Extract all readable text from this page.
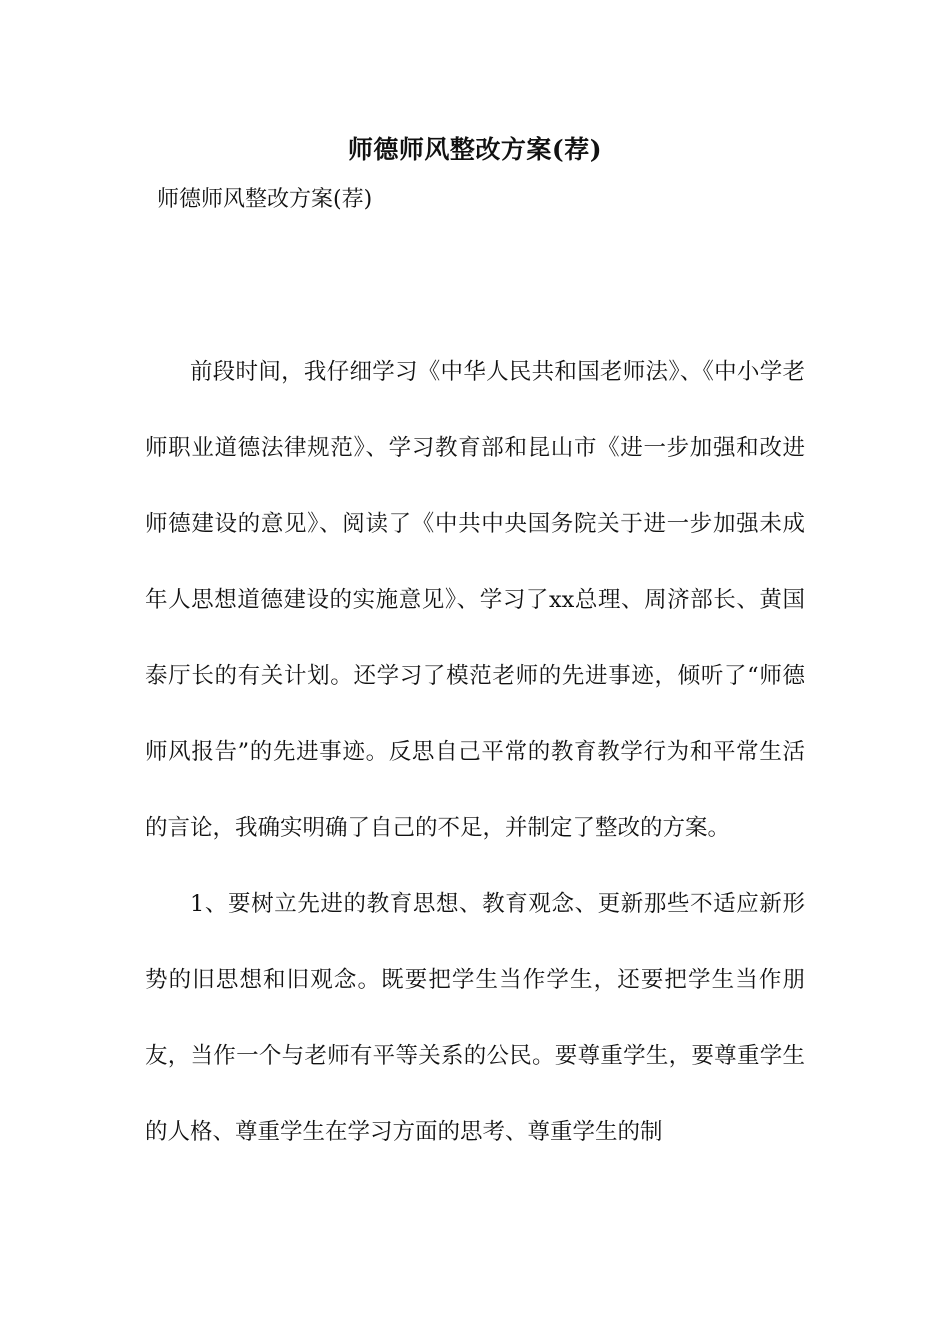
师德师风整改方案(荐)

师德师风整改方案(荐)

前段时间，我仔细学习《中华人民共和国老师法》、《中小学老师职业道德法律规范》、学习教育部和昆山市《进一步加强和改进师德建设的意见》、阅读了《中共中央国务院关于进一步加强未成年人思想道德建设的实施意见》、学习了xx总理、周济部长、黄国泰厅长的有关计划。还学习了模范老师的先进事迹，倾听了“师德师风报告”的先进事迹。反思自己平常的教育教学行为和平常生活的言论，我确实明确了自己的不足，并制定了整改的方案。

1、要树立先进的教育思想、教育观念、更新那些不适应新形势的旧思想和旧观念。既要把学生当作学生，还要把学生当作朋友，当作一个与老师有平等关系的公民。要尊重学生，要尊重学生的人格、尊重学生在学习方面的思考、尊重学生的制
